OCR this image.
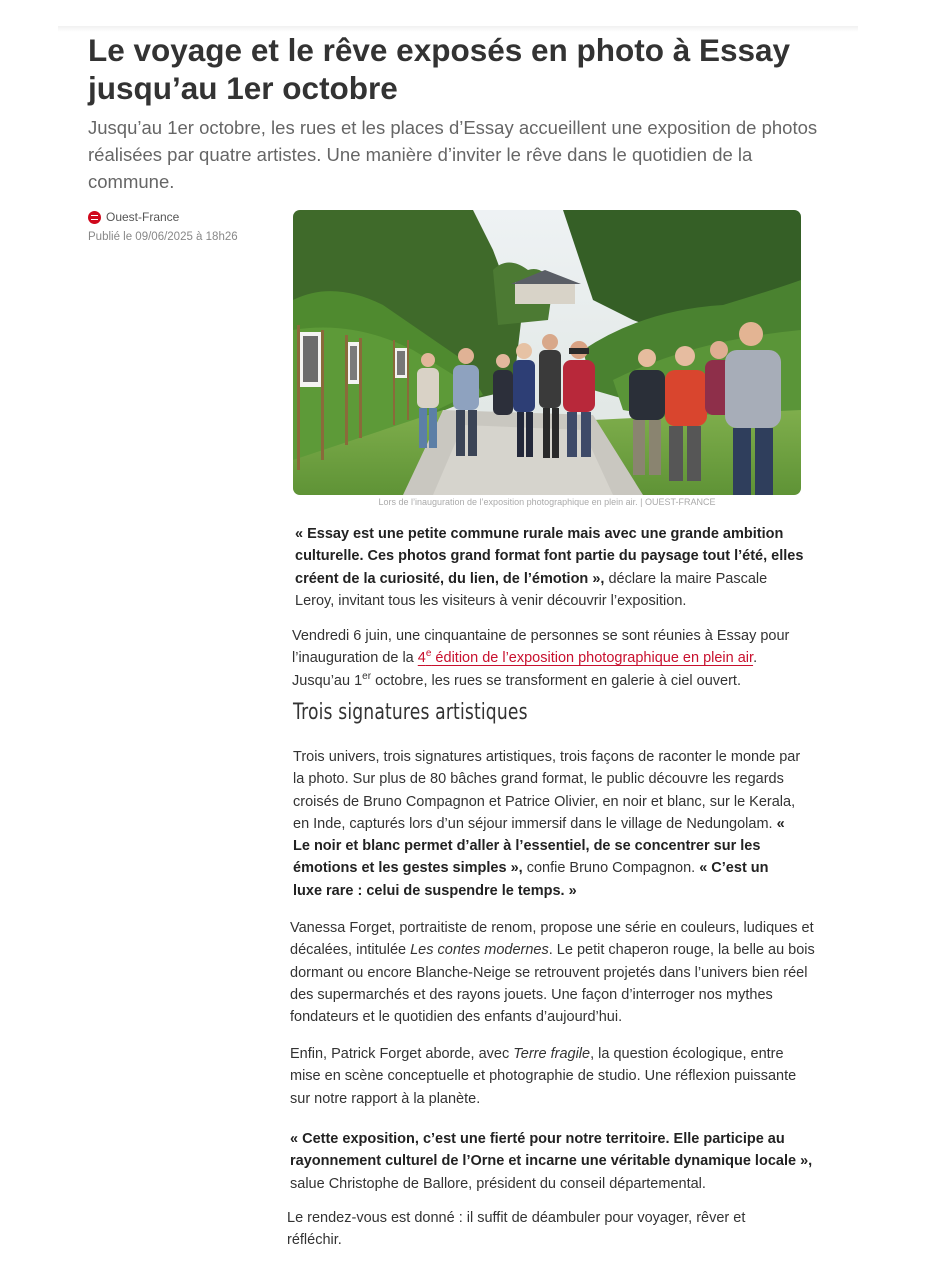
Le voyage et le rêve exposés en photo à Essay jusqu’au 1er octobre

Jusqu’au 1er octobre, les rues et les places d’Essay accueillent une exposition de photos réalisées par quatre artistes. Une manière d’inviter le rêve dans le quotidien de la commune.

Ouest-France
Publié le 09/06/2025 à 18h26
Lors de l’inauguration de l’exposition photographique en plein air. | OUEST-FRANCE

« Essay est une petite commune rurale mais avec une grande ambition culturelle. Ces photos grand format font partie du paysage tout l’été, elles créent de la curiosité, du lien, de l’émotion », déclare la maire Pascale Leroy, invitant tous les visiteurs à venir découvrir l’exposition.

Vendredi 6 juin, une cinquantaine de personnes se sont réunies à Essay pour l’inauguration de la 4e édition de l’exposition photographique en plein air.
Jusqu’au 1er octobre, les rues se transforment en galerie à ciel ouvert.

Trois signatures artistiques

Trois univers, trois signatures artistiques, trois façons de raconter le monde par la photo. Sur plus de 80 bâches grand format, le public découvre les regards croisés de Bruno Compagnon et Patrice Olivier, en noir et blanc, sur le Kerala, en Inde, capturés lors d’un séjour immersif dans le village de Nedungolam. « Le noir et blanc permet d’aller à l’essentiel, de se concentrer sur les émotions et les gestes simples », confie Bruno Compagnon. « C’est un luxe rare : celui de suspendre le temps. »

Vanessa Forget, portraitiste de renom, propose une série en couleurs, ludiques et décalées, intitulée Les contes modernes. Le petit chaperon rouge, la belle au bois dormant ou encore Blanche-Neige se retrouvent projetés dans l’univers bien réel des supermarchés et des rayons jouets. Une façon d’interroger nos mythes fondateurs et le quotidien des enfants d’aujourd’hui.

Enfin, Patrick Forget aborde, avec Terre fragile, la question écologique, entre mise en scène conceptuelle et photographie de studio. Une réflexion puissante sur notre rapport à la planète.

« Cette exposition, c’est une fierté pour notre territoire. Elle participe au rayonnement culturel de l’Orne et incarne une véritable dynamique locale », salue Christophe de Ballore, président du conseil départemental.

Le rendez-vous est donné : il suffit de déambuler pour voyager, rêver et réfléchir.
